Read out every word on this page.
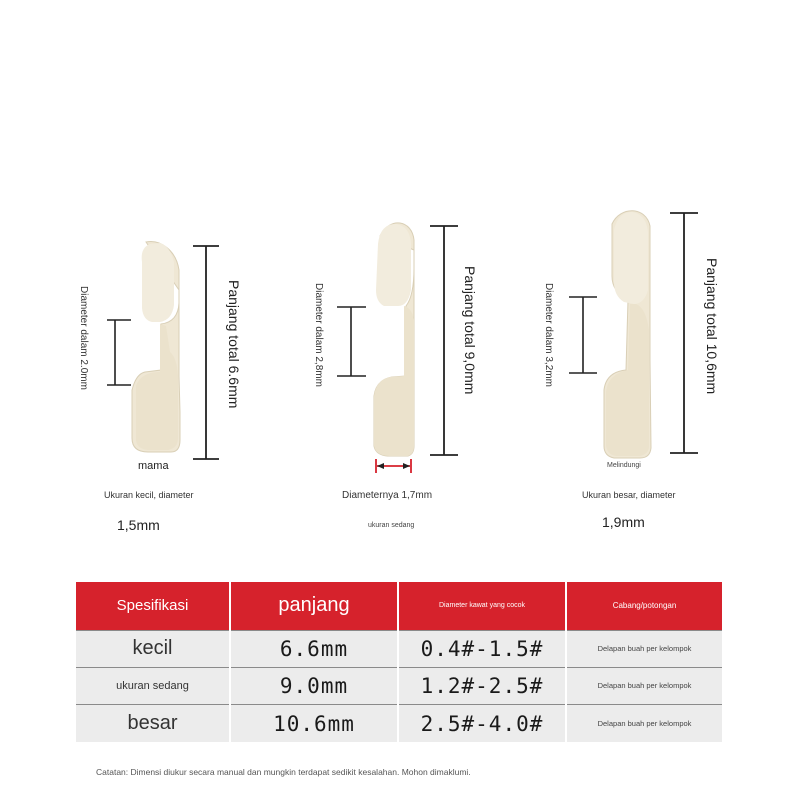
Diameter dalam 2.0mm	Panjang total 6.6mm	Diameter dalam 2,8mm	Panjang total 9,0mm	Diameter dalam 3,2mm	Panjang total 10,6mm
mama
Ukuran kecil, diameter
1,5mm
Diameternya 1,7mm
ukuran sedang
Melindungi
Ukuran besar, diameter
1,9mm
Spesifikasi	panjang	Diameter kawat yang cocok	Cabang/potongan
kecil	6.6mm	0.4#-1.5#	Delapan buah per kelompok
ukuran sedang	9.0mm	1.2#-2.5#	Delapan buah per kelompok
besar	10.6mm	2.5#-4.0#	Delapan buah per kelompok
Catatan: Dimensi diukur secara manual dan mungkin terdapat sedikit kesalahan. Mohon dimaklumi.
